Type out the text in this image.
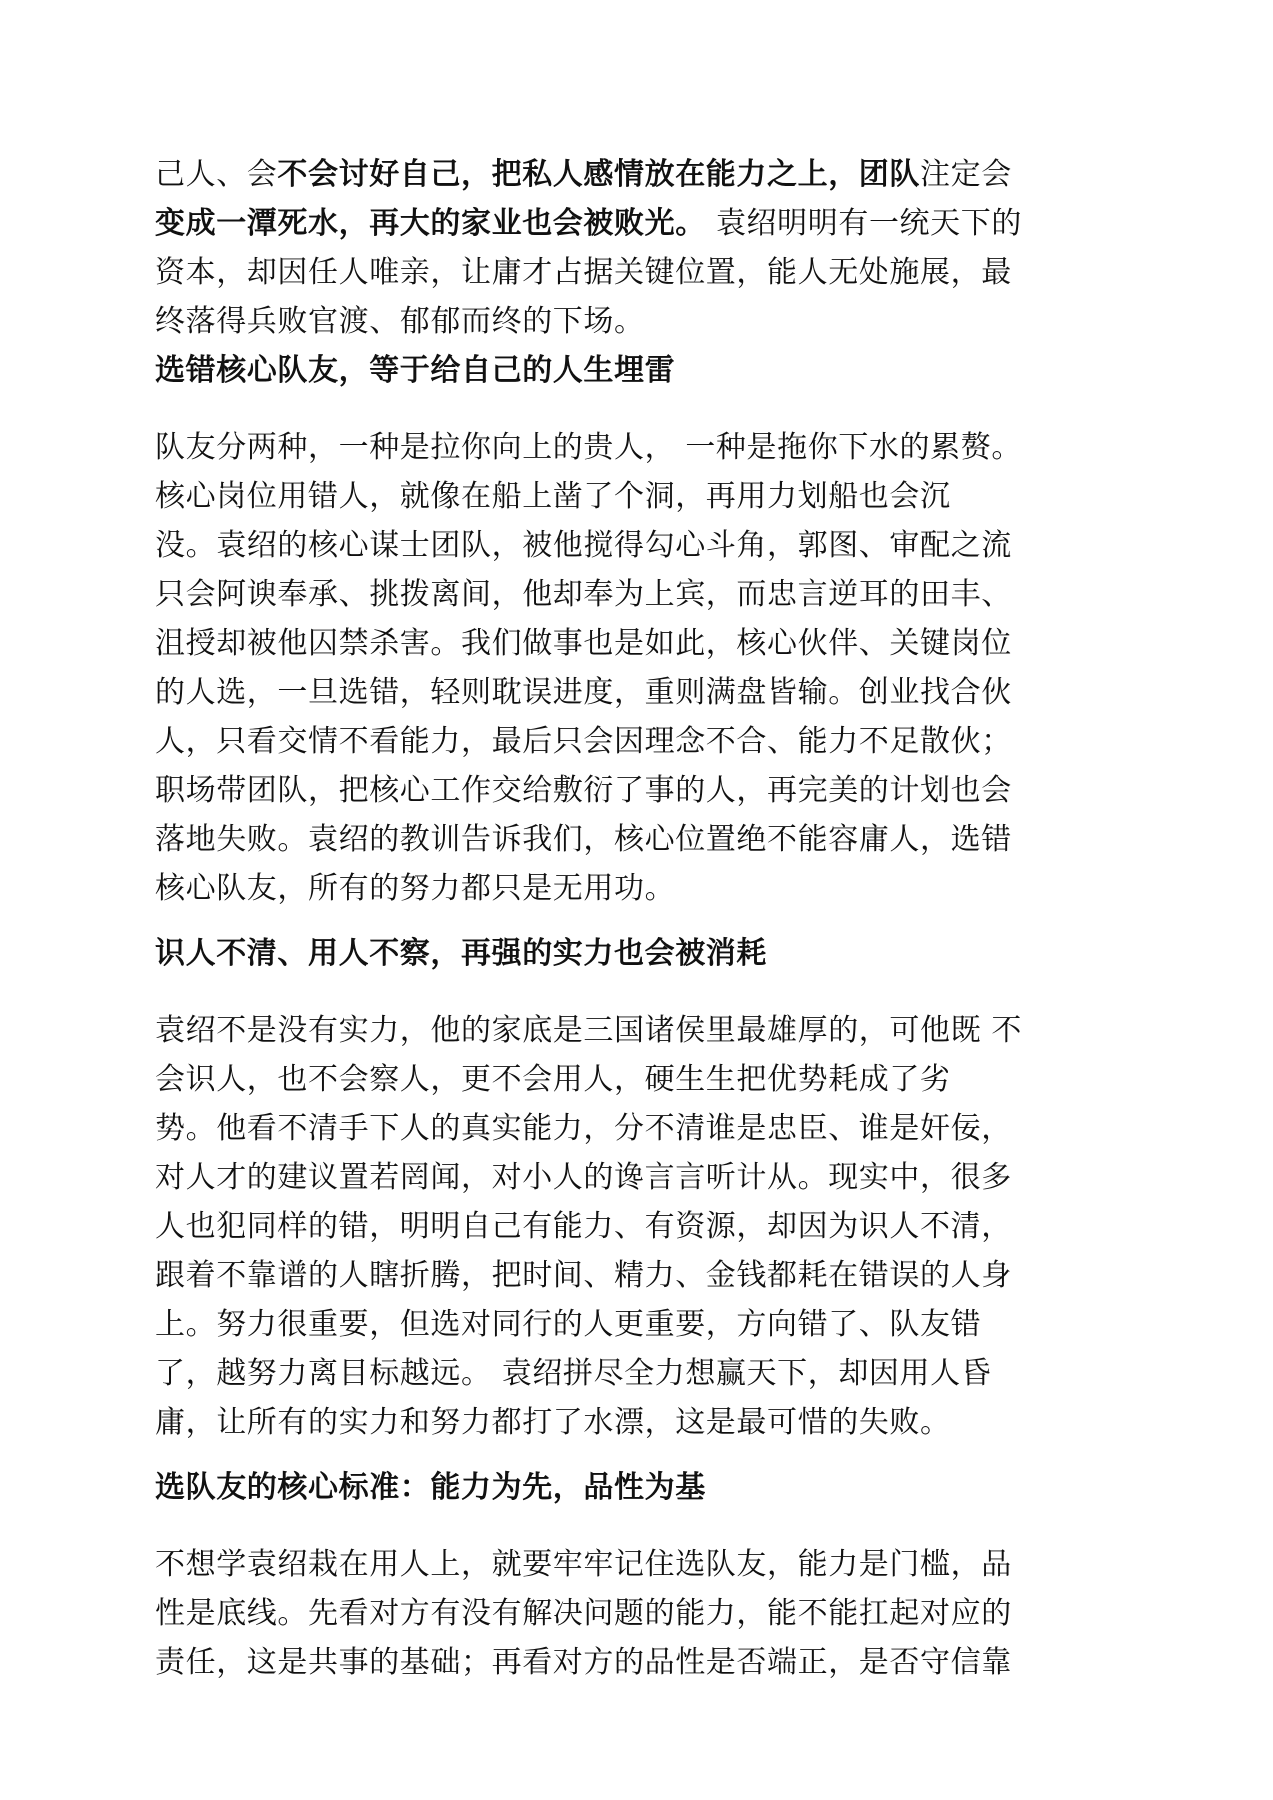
己人、会不会讨好自己，把私人感情放在能力之上，团队注定会
变成一潭死水，再大的家业也会被败光。 袁绍明明有一统天下的
资本，却因任人唯亲，让庸才占据关键位置，能人无处施展，最
终落得兵败官渡、郁郁而终的下场。
选错核心队友，等于给自己的人生埋雷
队友分两种，一种是拉你向上的贵人， 一种是拖你下水的累赘。
核心岗位用错人，就像在船上凿了个洞，再用力划船也会沉
没。袁绍的核心谋士团队，被他搅得勾心斗角，郭图、审配之流
只会阿谀奉承、挑拨离间，他却奉为上宾，而忠言逆耳的田丰、
沮授却被他囚禁杀害。我们做事也是如此，核心伙伴、关键岗位
的人选，一旦选错，轻则耽误进度，重则满盘皆输。创业找合伙
人，只看交情不看能力，最后只会因理念不合、能力不足散伙；
职场带团队，把核心工作交给敷衍了事的人，再完美的计划也会
落地失败。袁绍的教训告诉我们，核心位置绝不能容庸人，选错
核心队友，所有的努力都只是无用功。
识人不清、用人不察，再强的实力也会被消耗
袁绍不是没有实力，他的家底是三国诸侯里最雄厚的，可他既 不
会识人，也不会察人，更不会用人，硬生生把优势耗成了劣
势。他看不清手下人的真实能力，分不清谁是忠臣、谁是奸佞，
对人才的建议置若罔闻，对小人的谗言言听计从。现实中，很多
人也犯同样的错，明明自己有能力、有资源，却因为识人不清，
跟着不靠谱的人瞎折腾，把时间、精力、金钱都耗在错误的人身
上。努力很重要，但选对同行的人更重要，方向错了、队友错
了，越努力离目标越远。 袁绍拼尽全力想赢天下，却因用人昏
庸，让所有的实力和努力都打了水漂，这是最可惜的失败。
选队友的核心标准：能力为先，品性为基
不想学袁绍栽在用人上，就要牢牢记住选队友，能力是门槛，品
性是底线。先看对方有没有解决问题的能力，能不能扛起对应的
责任，这是共事的基础；再看对方的品性是否端正，是否守信靠
